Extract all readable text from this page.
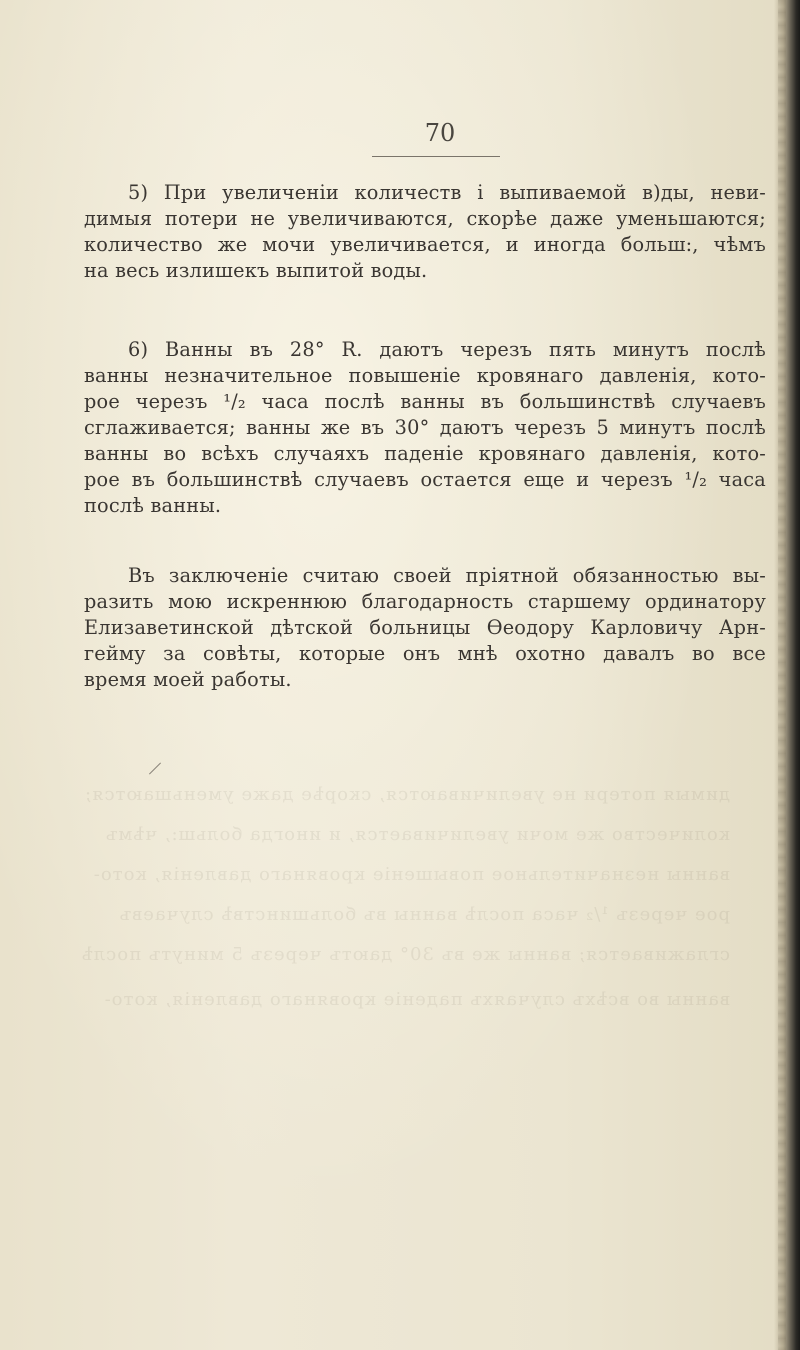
70
5) При увеличеніи количеств і выпиваемой в)ды, неви-
димыя потери не увеличиваются, скорѣе даже уменьшаются;
количество же мочи увеличивается, и иногда больш:, чѣмъ
на весь излишекъ выпитой воды.
6) Ванны въ 28° R. даютъ черезъ пять минутъ послѣ
ванны незначительное повышеніе кровянаго давленія, кото-
рое черезъ ¹/₂ часа послѣ ванны въ большинствѣ случаевъ
сглаживается; ванны же въ 30° даютъ черезъ 5 минутъ послѣ
ванны во всѣхъ случаяхъ паденіе кровянаго давленія, кото-
рое въ большинствѣ случаевъ остается еще и черезъ ¹/₂ часа
послѣ ванны.
Въ заключеніе считаю своей пріятной обязанностью вы-
разить мою искреннюю благодарность старшему ординатору
Елизаветинской дѣтской больницы Ѳеодору Карловичу Арн-
гейму за совѣты, которые онъ мнѣ охотно давалъ во все
время моей работы.
димыя потери не увеличиваются, скорѣе даже уменьшаются;
количество же мочи увеличивается, и иногда больш:, чѣмъ
ванны незначительное повышеніе кровянаго давленія, кото-
рое черезъ ¹/₂ часа послѣ ванны въ большинствѣ случаевъ
сглаживается; ванны же въ 30° даютъ черезъ 5 минутъ послѣ
ванны во всѣхъ случаяхъ паденіе кровянаго давленія, кото-
